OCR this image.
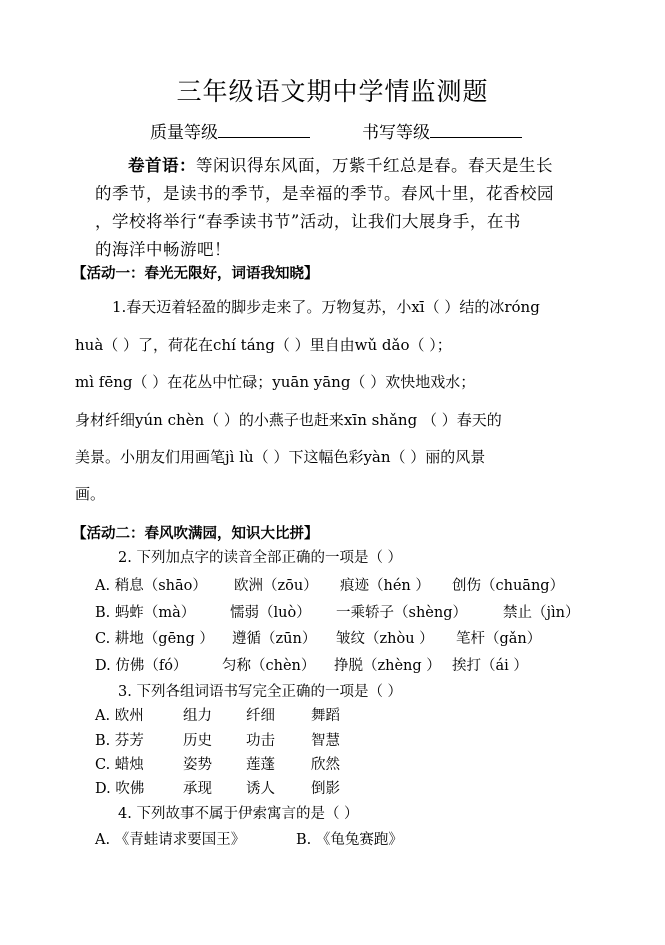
三年级语文期中学情监测题
质量等级	书写等级
卷首语：等闲识得东风面，万紫千红总是春。春天是生长
的季节，是读书的季节，是幸福的季节。春风十里，花香校园
，学校将举行“春季读书节”活动，让我们大展身手，在书
的海洋中畅游吧！
【活动一：春光无限好，词语我知晓】
1.春天迈着轻盈的脚步走来了。万物复苏，小xī（ ）结的冰róng
huà（ ）了，荷花在chí táng（ ）里自由wǔ dǎo（ ）；
mì fēng（ ）在花丛中忙碌；yuān yāng（ ）欢快地戏水；
身材纤细yún chèn（ ）的小燕子也赶来xīn shǎng （ ）春天的
美景。小朋友们用画笔jì lù（ ）下这幅色彩yàn（ ）丽的风景
画。
【活动二：春风吹满园，知识大比拼】
2. 下列加点字的读音全部正确的一项是（ ）
A. 稍息（shāo） 欧洲（zōu） 痕迹（hén ） 创伤（chuāng）
B. 蚂蚱（mà） 懦弱（luò） 一乘轿子（shèng） 禁止（jìn）
C. 耕地（gēng ） 遵循（zūn） 皱纹（zhòu ） 笔杆（gǎn）
D. 仿佛（fó） 匀称（chèn） 挣脱（zhèng ） 挨打（ái ）
3. 下列各组词语书写完全正确的一项是（ ）
A. 欧州	组力 纤细 舞蹈
B. 芬芳	历史 功击 智慧
C. 蜡烛	姿势 莲蓬 欣然
D. 吹佛	承现 诱人 倒影
4. 下列故事不属于伊索寓言的是（ ）
A. 《青蛙请求要国王》	B. 《龟兔赛跑》
